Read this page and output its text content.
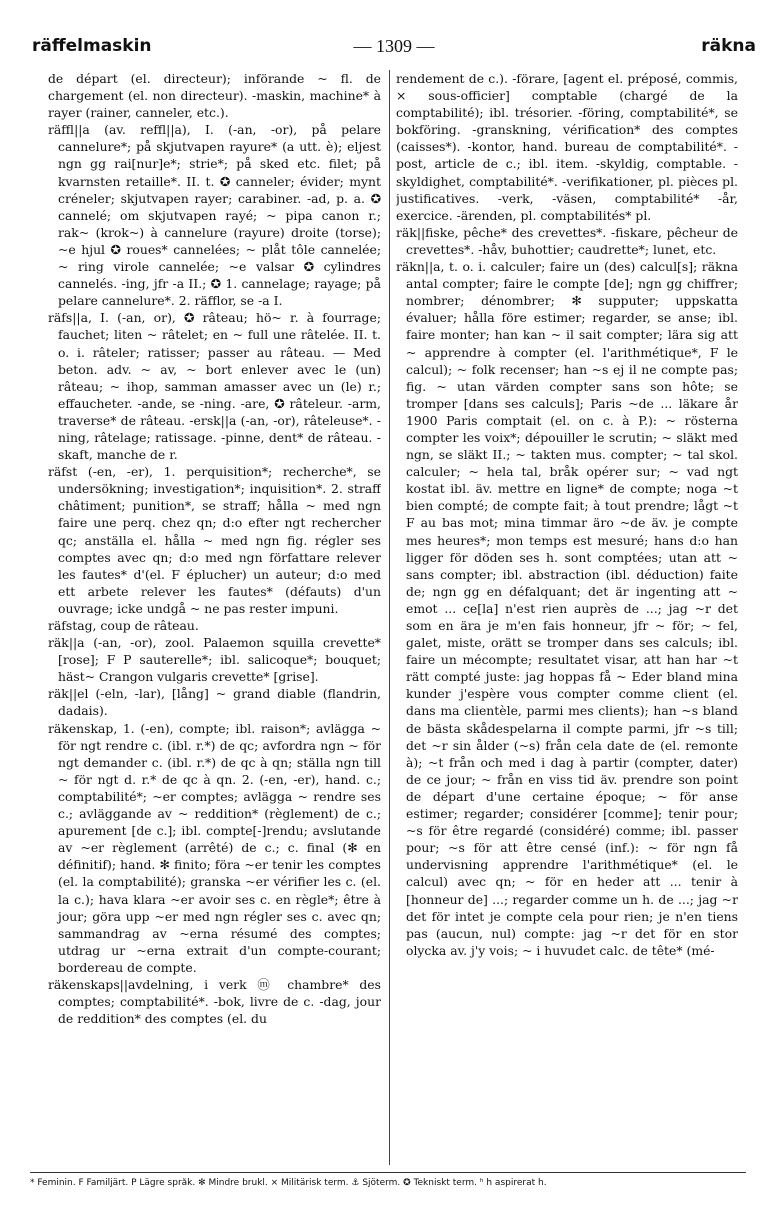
räffelmaskin	— 1309 —	räkna

de départ (el. directeur); införande ~ fl. de chargement (el. non directeur). -maskin, machine* à rayer (rainer, canneler, etc.).

räffl||a (av. reffl||a), I. (-an, -or), på pelare cannelure*; på skjutvapen rayure* (a utt. è); eljest ngn gg rai[nur]e*; strie*; på sked etc. filet; på kvarnsten retaille*. II. t. ✪ canneler; évider; mynt créneler; skjutvapen rayer; carabiner. -ad, p. a. ✪ cannelé; om skjutvapen rayé; ~ pipa canon r.; rak~ (krok~) à cannelure (rayure) droite (torse); ~e hjul ✪ roues* cannelées; ~ plåt tôle cannelée; ~ ring virole cannelée; ~e valsar ✪ cylindres cannelés. -ing, jfr -a II.; ✪ 1. cannelage; rayage; på pelare cannelure*. 2. räfflor, se -a I.

räfs||a, I. (-an, or), ✪ râteau; hö~ r. à fourrage; fauchet; liten ~ râtelet; en ~ full une râtelée. II. t. o. i. râteler; ratisser; passer au râteau. — Med beton. adv. ~ av, ~ bort enlever avec le (un) râteau; ~ ihop, samman amasser avec un (le) r.; effaucheter. -ande, se -ning. -are, ✪ râteleur. -arm, traverse* de râteau. -ersk||a (-an, -or), râteleuse*. -ning, râtelage; ratissage. -pinne, dent* de râteau. -skaft, manche de r.

räfst (-en, -er), 1. perquisition*; recherche*, se undersökning; investigation*; inquisition*. 2. straff châtiment; punition*, se straff; hålla ~ med ngn faire une perq. chez qn; d:o efter ngt rechercher qc; anställa el. hålla ~ med ngn fig. régler ses comptes avec qn; d:o med ngn författare relever les fautes* d'(el. F éplucher) un auteur; d:o med ett arbete relever les fautes* (défauts) d'un ouvrage; icke undgå ~ ne pas rester impuni.

räfstag, coup de râteau.

räk||a (-an, -or), zool. Palaemon squilla crevette* [rose]; F P sauterelle*; ibl. salicoque*; bouquet; häst~ Crangon vulgaris crevette* [grise].

räk||el (-eln, -lar), [lång] ~ grand diable (flandrin, dadais).

räkenskap, 1. (-en), compte; ibl. raison*; avlägga ~ för ngt rendre c. (ibl. r.*) de qc; avfordra ngn ~ för ngt demander c. (ibl. r.*) de qc à qn; ställa ngn till ~ för ngt d. r.* de qc à qn. 2. (-en, -er), hand. c.; comptabilité*; ~er comptes; avlägga ~ rendre ses c.; avläggande av ~ reddition* (règlement) de c.; apurement [de c.]; ibl. compte[-]rendu; avslutande av ~er règlement (arrêté) de c.; c. final (✻ en définitif); hand. ✻ finito; föra ~er tenir les comptes (el. la comptabilité); granska ~er vérifier les c. (el. la c.); hava klara ~er avoir ses c. en règle*; être à jour; göra upp ~er med ngn régler ses c. avec qn; sammandrag av ~erna résumé des comptes; utdrag ur ~erna extrait d'un compte-courant; bordereau de compte.

räkenskaps||avdelning, i verk ⓜ chambre* des comptes; comptabilité*. -bok, livre de c. -dag, jour de reddition* des comptes (el. du

rendement de c.). -förare, [agent el. préposé, commis, ⨯ sous-officier] comptable (chargé de la comptabilité); ibl. trésorier. -föring, comptabilité*, se bokföring. -granskning, vérification* des comptes (caisses*). -kontor, hand. bureau de comptabilité*. -post, article de c.; ibl. item. -skyldig, comptable. -skyldighet, comptabilité*. -verifikationer, pl. pièces pl. justificatives. -verk, -väsen, comptabilité* -år, exercice. -ärenden, pl. comptabilités* pl.

räk||fiske, pêche* des crevettes*. -fiskare, pêcheur de crevettes*. -håv, buhottier; caudrette*; lunet, etc.

räkn||a, t. o. i. calculer; faire un (des) calcul[s]; räkna antal compter; faire le compte [de]; ngn gg chiffrer; nombrer; dénombrer; ✻ supputer; uppskatta évaluer; hålla före estimer; regarder, se anse; ibl. faire monter; han kan ~ il sait compter; lära sig att ~ apprendre à compter (el. l'arithmétique*, F le calcul); ~ folk recenser; han ~s ej il ne compte pas; fig. ~ utan värden compter sans son hôte; se tromper [dans ses calculs]; Paris ~de ... läkare år 1900 Paris comptait (el. on c. à P.): ~ rösterna compter les voix*; dépouiller le scrutin; ~ släkt med ngn, se släkt II.; ~ takten mus. compter; ~ tal skol. calculer; ~ hela tal, bråk opérer sur; ~ vad ngt kostat ibl. äv. mettre en ligne* de compte; noga ~t bien compté; de compte fait; à tout prendre; lågt ~t F au bas mot; mina timmar äro ~de äv. je compte mes heures*; mon temps est mesuré; hans d:o han ligger för döden ses h. sont comptées; utan att ~ sans compter; ibl. abstraction (ibl. déduction) faite de; ngn gg en défalquant; det är ingenting att ~ emot ... ce[la] n'est rien auprès de ...; jag ~r det som en ära je m'en fais honneur, jfr ~ för; ~ fel, galet, miste, orätt se tromper dans ses calculs; ibl. faire un mécompte; resultatet visar, att han har ~t rätt compté juste: jag hoppas få ~ Eder bland mina kunder j'espère vous compter comme client (el. dans ma clientèle, parmi mes clients); han ~s bland de bästa skådespelarna il compte parmi, jfr ~s till; det ~r sin ålder (~s) från cela date de (el. remonte à); ~t från och med i dag à partir (compter, dater) de ce jour; ~ från en viss tid äv. prendre son point de départ d'une certaine époque; ~ för anse estimer; regarder; considérer [comme]; tenir pour; ~s för être regardé (considéré) comme; ibl. passer pour; ~s för att être censé (inf.): ~ för ngn få undervisning apprendre l'arithmétique* (el. le calcul) avec qn; ~ för en heder att ... tenir à [honneur de] ...; regarder comme un h. de ...; jag ~r det för intet je compte cela pour rien; je n'en tiens pas (aucun, nul) compte: jag ~r det för en stor olycka av. j'y vois; ~ i huvudet calc. de tête* (mé-

* Feminin. F Familjärt. P Lägre språk. ✻ Mindre brukl. ⨯ Militärisk term. ⚓ Sjöterm. ✪ Tekniskt term. ʰ h aspirerat h.
